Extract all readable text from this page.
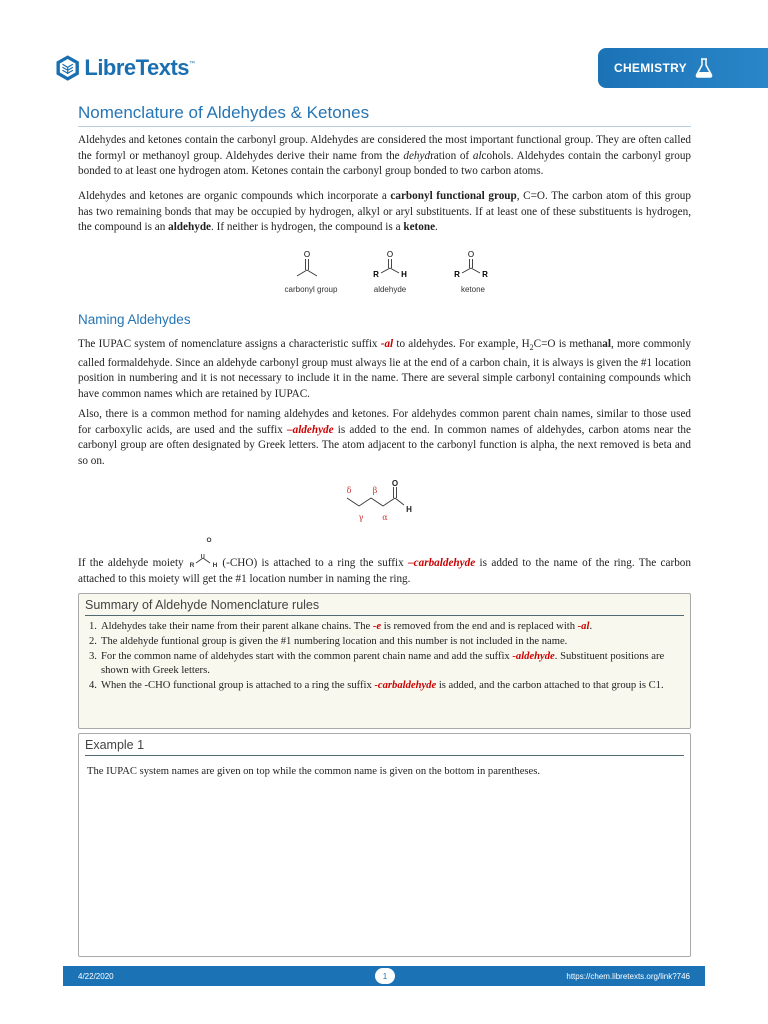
LibreTexts ™	CHEMISTRY
Nomenclature of Aldehydes & Ketones

Aldehydes and ketones contain the carbonyl group. Aldehydes are considered the most important functional group. They are often called the formyl or methanoyl group. Aldehydes derive their name from the dehydration of alcohols. Aldehydes contain the carbonyl group bonded to at least one hydrogen atom. Ketones contain the carbonyl group bonded to two carbon atoms.

Aldehydes and ketones are organic compounds which incorporate a carbonyl functional group, C=O. The carbon atom of this group has two remaining bonds that may be occupied by hydrogen, alkyl or aryl substituents. If at least one of these substituents is hydrogen, the compound is an aldehyde. If neither is hydrogen, the compound is a ketone.

O	O
R	H
O
R	R
carbonyl group	aldehyde	ketone
Naming Aldehydes

The IUPAC system of nomenclature assigns a characteristic suffix -al to aldehydes. For example, $H_2C=O$ is methanal, more commonly called formaldehyde. Since an aldehyde carbonyl group must always lie at the end of a carbon chain, it is always is given the #1 location position in numbering and it is not necessary to include it in the name. There are several simple carbonyl containing compounds which have common names which are retained by IUPAC.

Also, there is a common method for naming aldehydes and ketones. For aldehydes common parent chain names, similar to those used for carboxylic acids, are used and the suffix –aldehyde is added to the end. In common names of aldehydes, carbon atoms near the carbonyl group are often designated by Greek letters. The atom adjacent to the carbonyl function is alpha, the next removed is beta and so on.

O
H
δ	β
γ α

If the aldehyde moiety R	H (-CHO) is attached to a ring the suffix –carbaldehyde is added to the name of the ring. The carbon attached to this moiety will get the #1 location number in naming the ring.

O
Summary of Aldehyde Nomenclature rules
1. Aldehydes take their name from their parent alkane chains. The -e is removed from the end and is replaced with -al.
2. The aldehyde funtional group is given the #1 numbering location and this number is not included in the name.
3. For the common name of aldehydes start with the common parent chain name and add the suffix -aldehyde. Substituent positions are shown with Greek letters.
4. When the -CHO functional group is attached to a ring the suffix -carbaldehyde is added, and the carbon attached to that group is C1.
Example 1

The IUPAC system names are given on top while the common name is given on the bottom in parentheses.

4/22/2020	1	https://chem.libretexts.org/link?746
